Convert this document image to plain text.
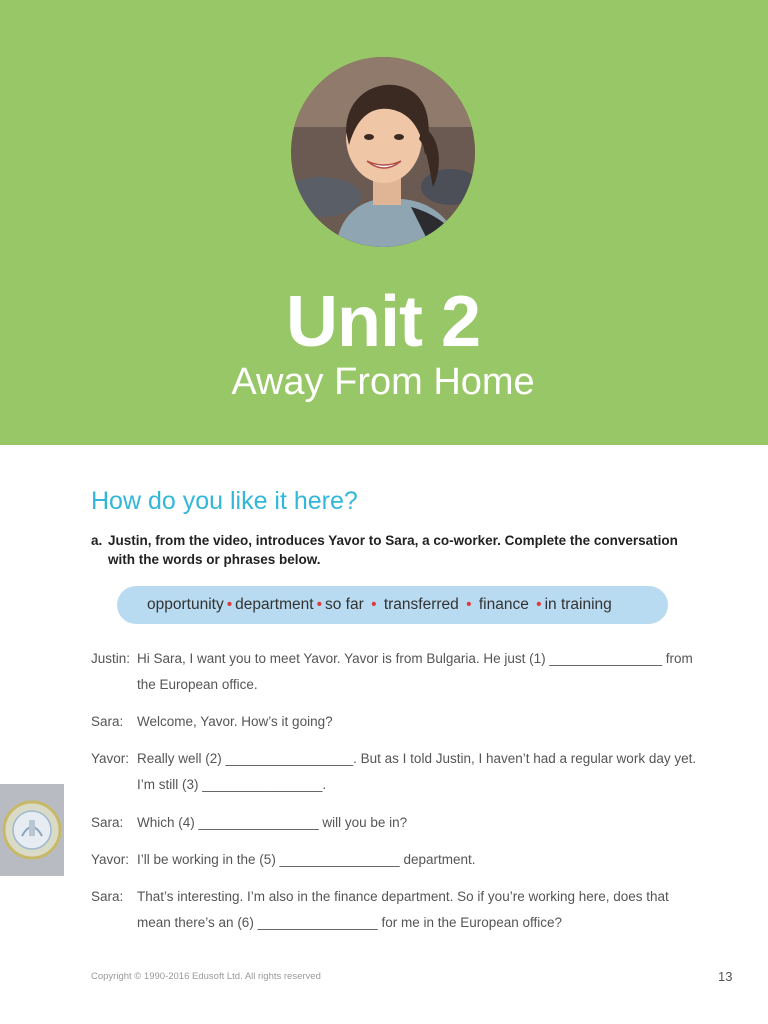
Unit 2
Away From Home
How do you like it here?
a. Justin, from the video, introduces Yavor to Sara, a co-worker. Complete the conversation with the words or phrases below.
opportunity • department • so far • transferred • finance • in training
Justin: Hi Sara, I want you to meet Yavor. Yavor is from Bulgaria. He just (1) _______________ from the European office.
Sara: Welcome, Yavor. How’s it going?
Yavor: Really well (2) _________________. But as I told Justin, I haven’t had a regular work day yet. I’m still (3) ________________.
Sara: Which (4) ________________ will you be in?
Yavor: I’ll be working in the (5) ________________ department.
Sara: That’s interesting. I’m also in the finance department. So if you’re working here, does that mean there’s an (6) ________________ for me in the European office?
Copyright © 1990-2016 Edusoft Ltd. All rights reserved	13
